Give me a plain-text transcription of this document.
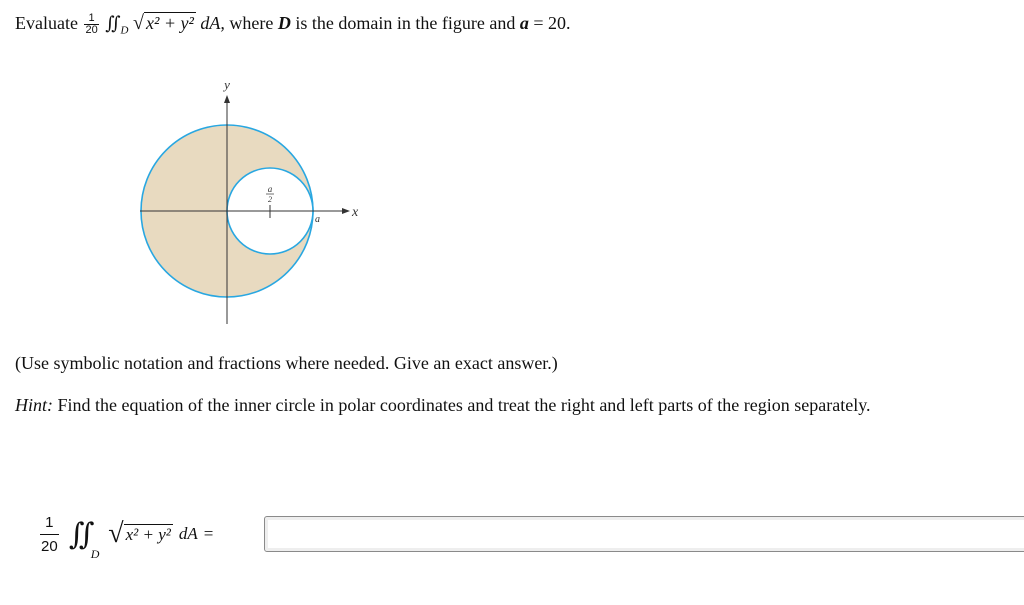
Evaluate $\frac{1}{20}$ $∬_D$ √ x² + y² dA, where D is the domain in the figure and a = 20.
y
x
a
2
a
(Use symbolic notation and fractions where needed. Give an exact answer.)
Hint: Find the equation of the inner circle in polar coordinates and treat the right and left parts of the region separately.
$\frac{1}{20}$ ∬
D
√ x² + y² dA =
